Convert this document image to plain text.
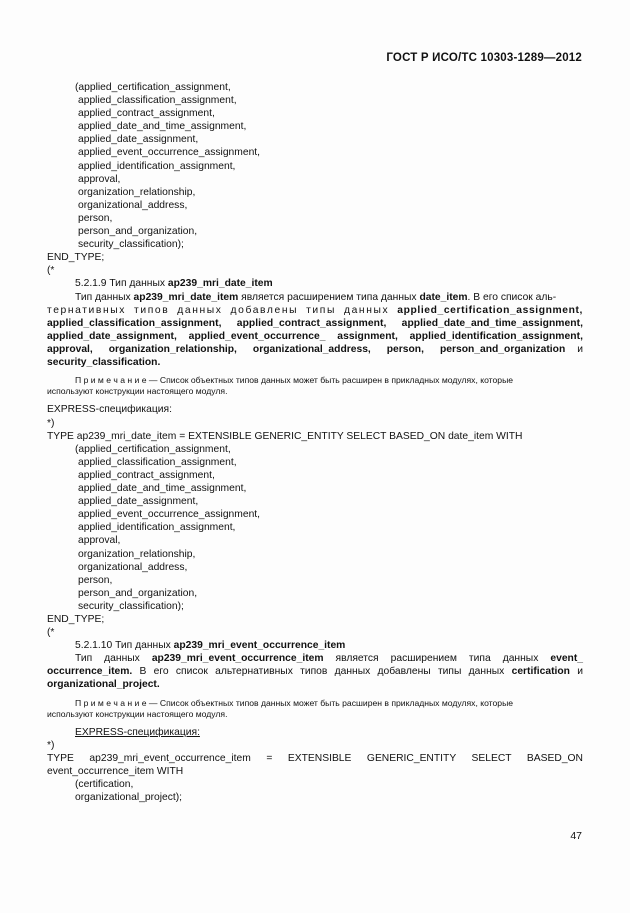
ГОСТ Р ИСО/ТС 10303-1289—2012
(applied_certification_assignment,
applied_classification_assignment,
applied_contract_assignment,
applied_date_and_time_assignment,
applied_date_assignment,
applied_event_occurrence_assignment,
applied_identification_assignment,
approval,
organization_relationship,
organizational_address,
person,
person_and_organization,
security_classification);
END_TYPE;
(*
5.2.1.9 Тип данных ap239_mri_date_item
Тип данных ap239_mri_date_item является расширением типа данных date_item. В его список аль-
тернативных типов данных добавлены типы данных applied_certification_assignment,
applied_classification_assignment, applied_contract_assignment, applied_date_and_time_assignment,
applied_date_assignment, applied_event_occurrence_ assignment, applied_identification_assignment,
approval, organization_relationship, organizational_address, person, person_and_organization и
security_classification.
П р и м е ч а н и е — Список объектных типов данных может быть расширен в прикладных модулях, которые
используют конструкции настоящего модуля.
EXPRESS-спецификация:
*)
TYPE ap239_mri_date_item = EXTENSIBLE GENERIC_ENTITY SELECT BASED_ON date_item WITH
(applied_certification_assignment,
applied_classification_assignment,
applied_contract_assignment,
applied_date_and_time_assignment,
applied_date_assignment,
applied_event_occurrence_assignment,
applied_identification_assignment,
approval,
organization_relationship,
organizational_address,
person,
person_and_organization,
security_classification);
END_TYPE;
(*
5.2.1.10 Тип данных ap239_mri_event_occurrence_item
Тип данных ap239_mri_event_occurrence_item является расширением типа данных event_
occurrence_item. В его список альтернативных типов данных добавлены типы данных certification и
organizational_project.
П р и м е ч а н и е — Список объектных типов данных может быть расширен в прикладных модулях, которые
используют конструкции настоящего модуля.
EXPRESS-спецификация:
*)
TYPE ap239_mri_event_occurrence_item = EXTENSIBLE GENERIC_ENTITY SELECT BASED_ON
event_occurrence_item WITH
(certification,
organizational_project);
47
